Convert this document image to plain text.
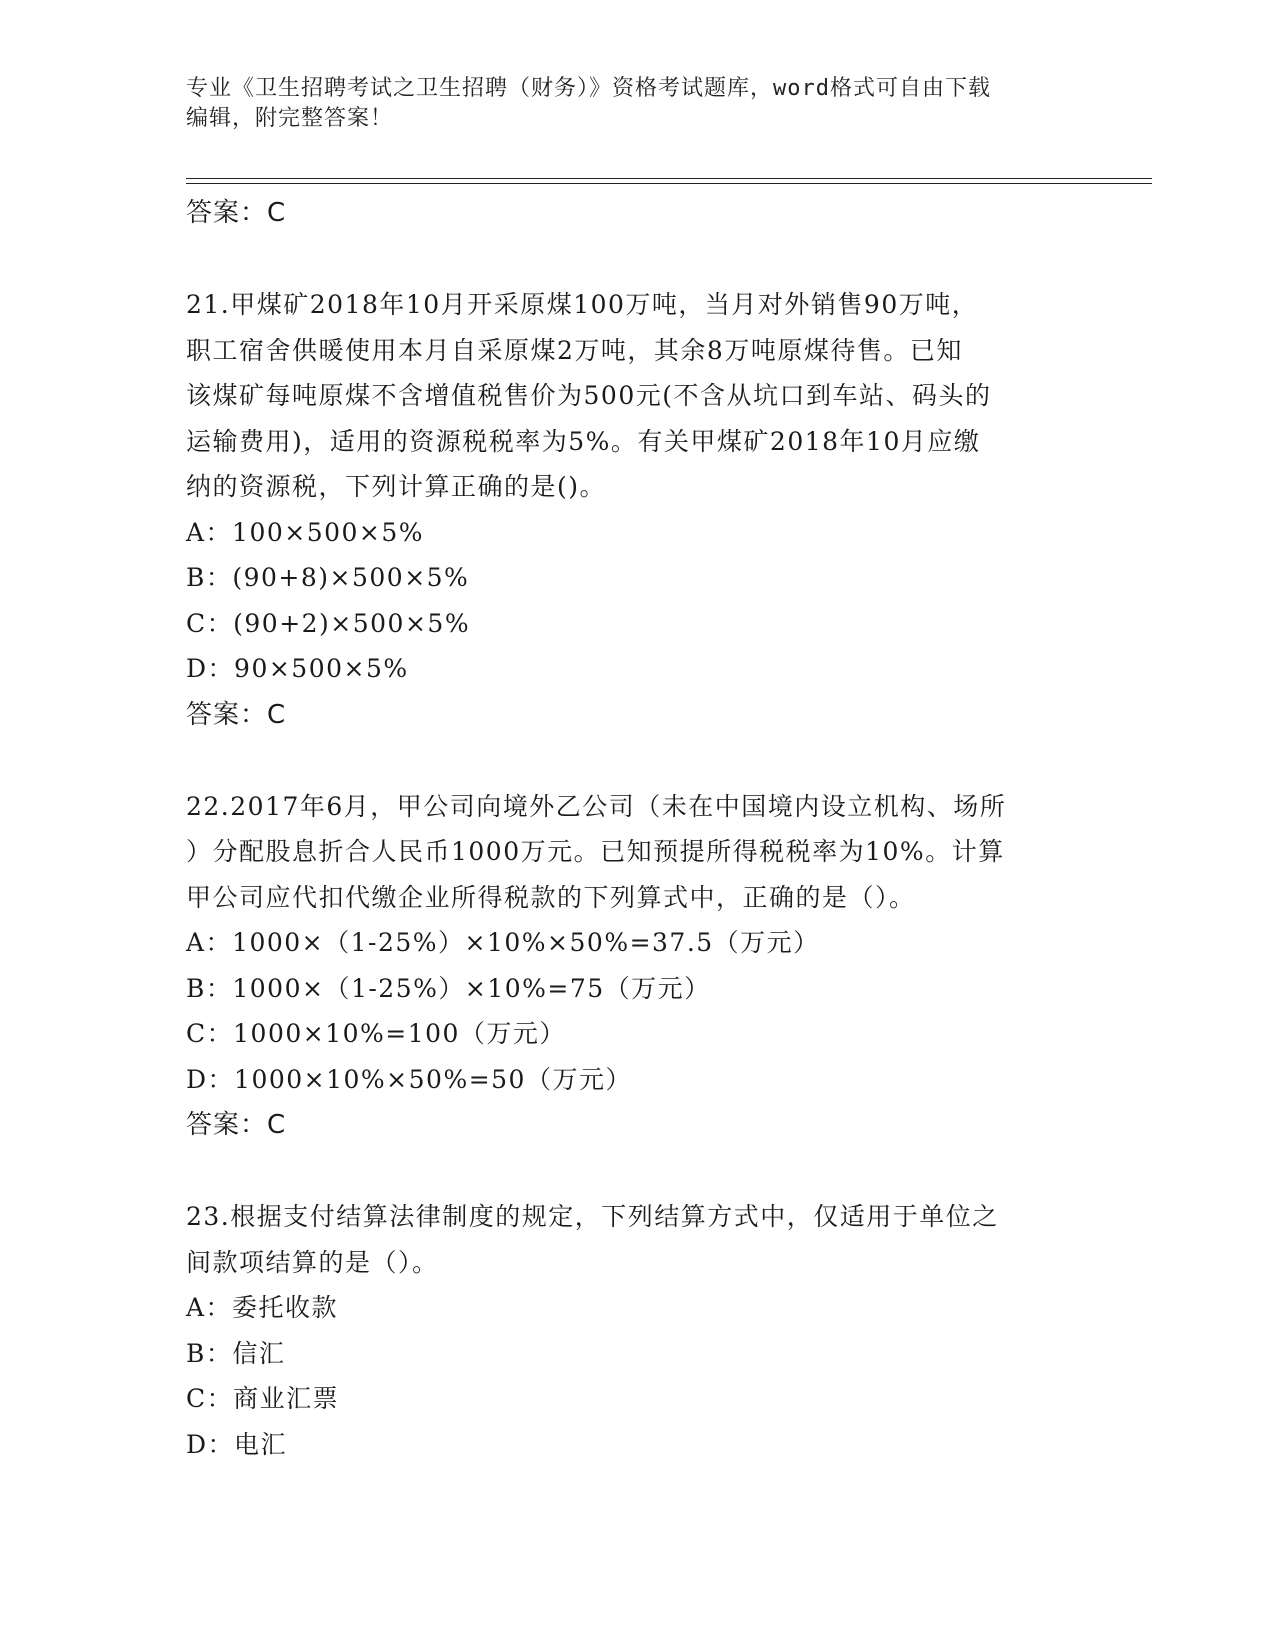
专业《卫生招聘考试之卫生招聘（财务）》资格考试题库，word格式可自由下载
编辑，附完整答案！
答案：C
21.甲煤矿2018年10月开采原煤100万吨，当月对外销售90万吨，
职工宿舍供暖使用本月自采原煤2万吨，其余8万吨原煤待售。已知
该煤矿每吨原煤不含增值税售价为500元(不含从坑口到车站、码头的
运输费用)，适用的资源税税率为5%。有关甲煤矿2018年10月应缴
纳的资源税，下列计算正确的是()。
A：100×500×5%
B：(90+8)×500×5%
C：(90+2)×500×5%
D：90×500×5%
答案：C
22.2017年6月，甲公司向境外乙公司（未在中国境内设立机构、场所
）分配股息折合人民币1000万元。已知预提所得税税率为10%。计算
甲公司应代扣代缴企业所得税款的下列算式中，正确的是（）。
A：1000×（1-25%）×10%×50%=37.5（万元）
B：1000×（1-25%）×10%=75（万元）
C：1000×10%=100（万元）
D：1000×10%×50%=50（万元）
答案：C
23.根据支付结算法律制度的规定，下列结算方式中，仅适用于单位之
间款项结算的是（）。
A：委托收款
B：信汇
C：商业汇票
D：电汇
